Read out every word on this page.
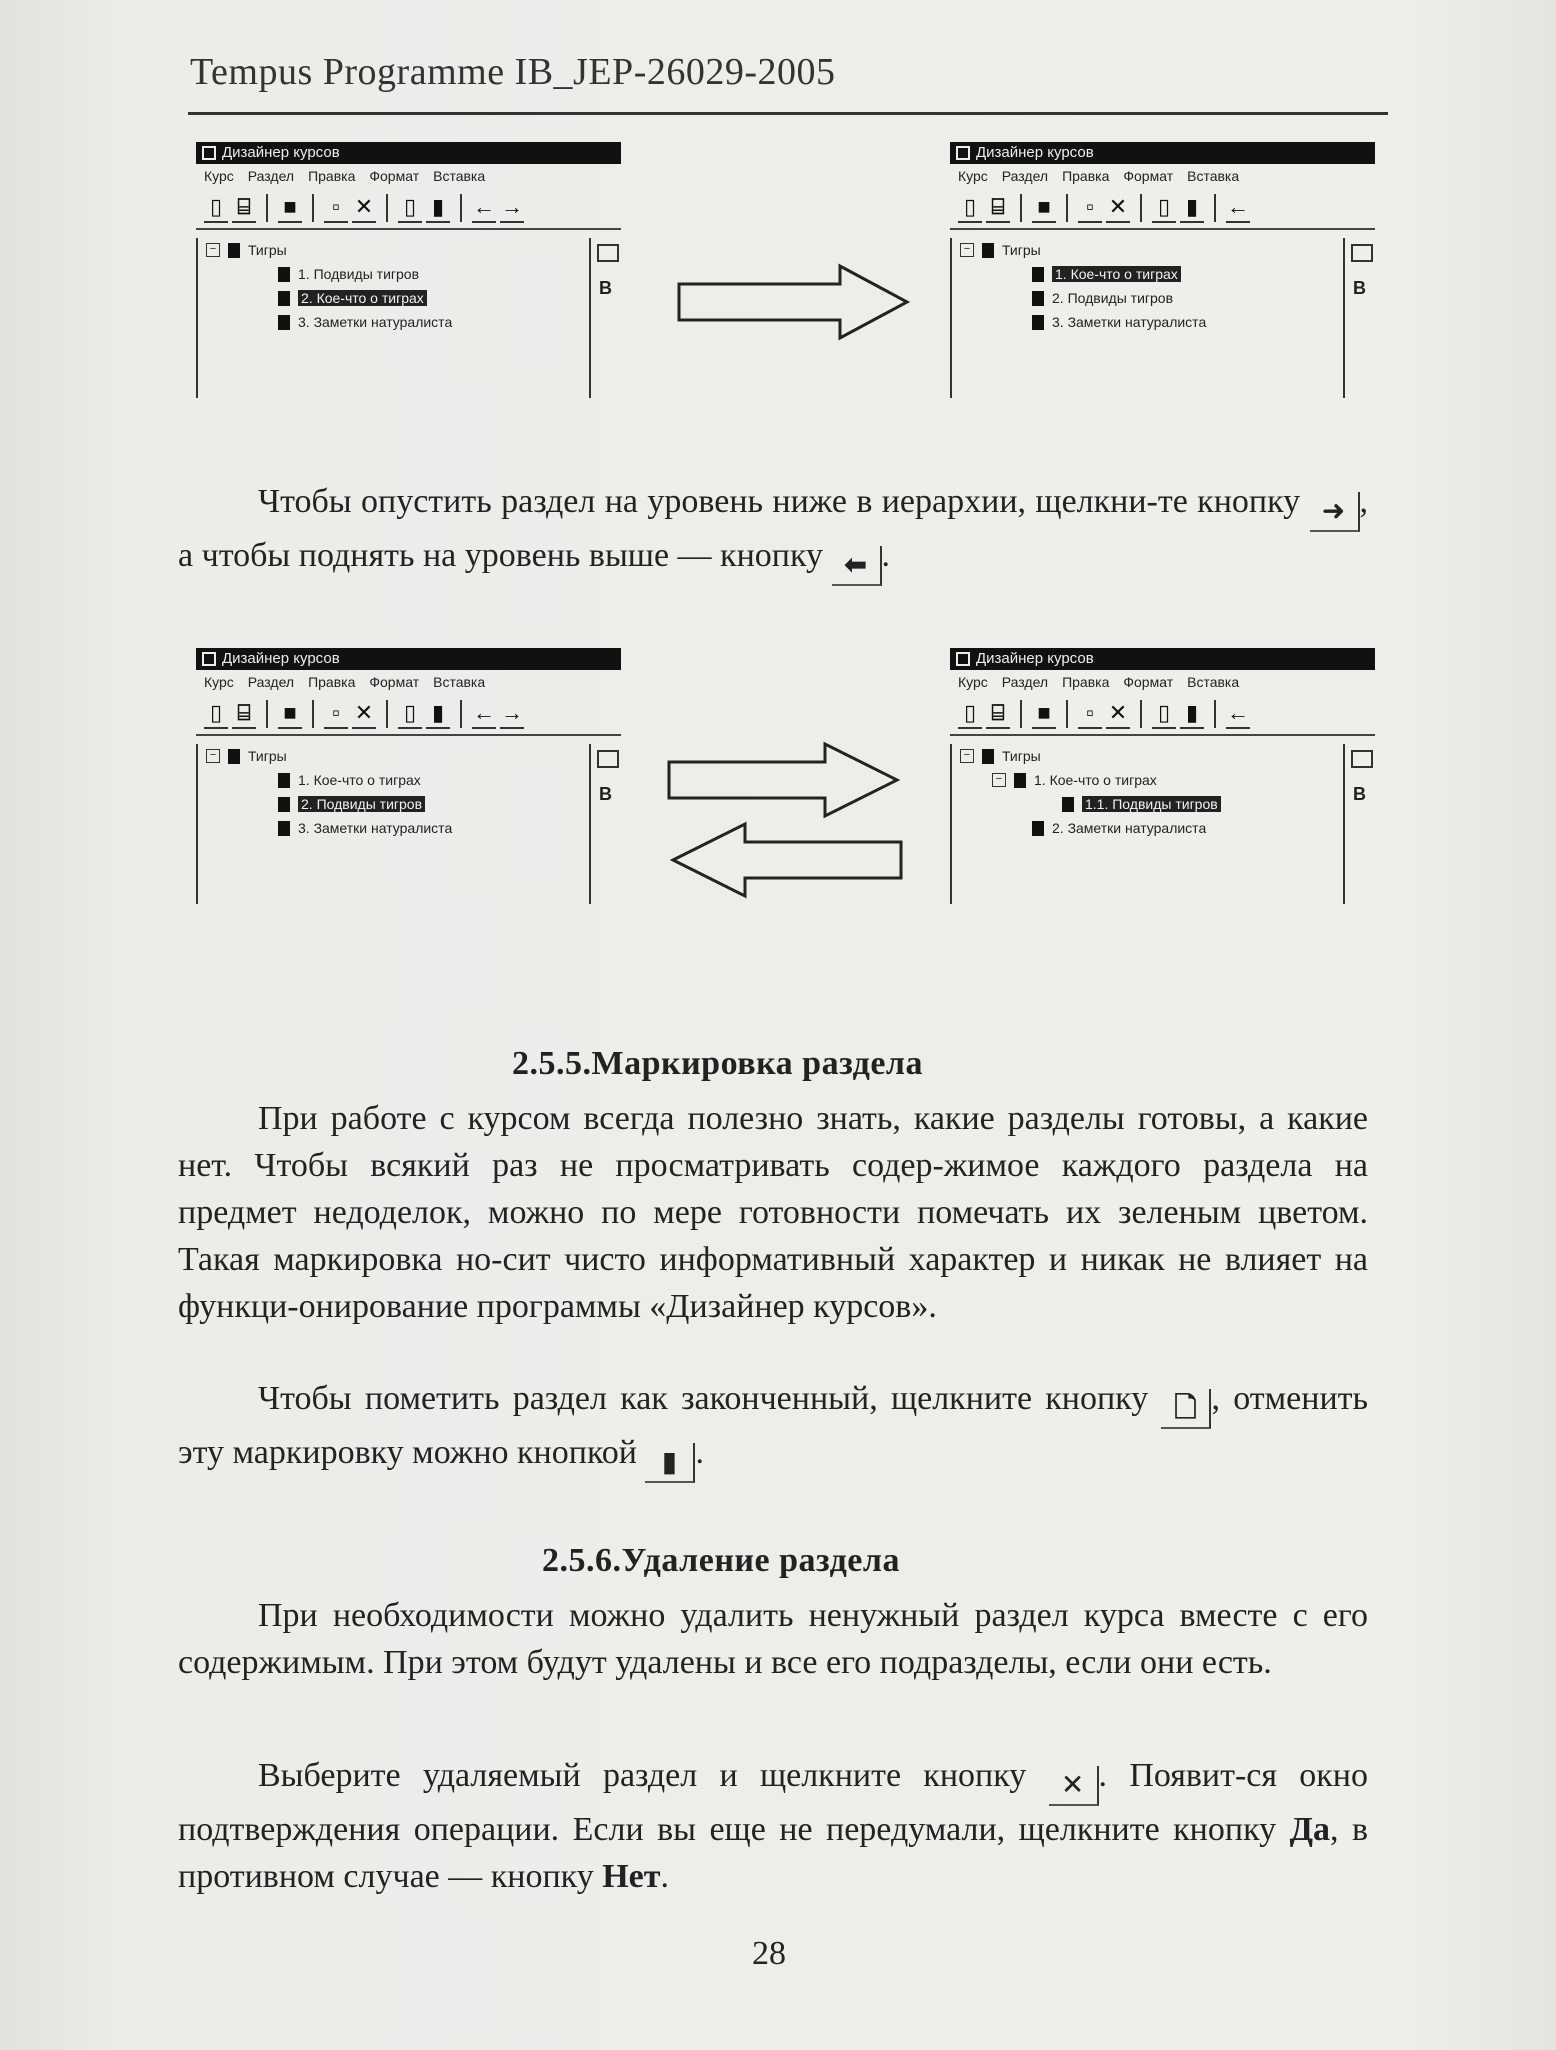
Tempus Programme IB_JEP-26029-2005
Дизайнер курсов
Курс Раздел Правка Формат Вставка
▯ ⌸ ■	▫ ✕ ▯ ▮ ← →
− Тигры
1. Подвиды тигров
2. Кое-что о тиграх
3. Заметки натуралиста
B
Дизайнер курсов
Курс Раздел Правка Формат Вставка
▯ ⌸ ■	▫ ✕ ▯ ▮ ←
− Тигры
1. Кое-что о тиграх
2. Подвиды тигров
3. Заметки натуралиста
B
Чтобы опустить раздел на уровень ниже в иерархии, щелкни-те кнопку ➜ , а чтобы поднять на уровень выше — кнопку ⬅ .
Дизайнер курсов
Курс Раздел Правка Формат Вставка
▯ ⌸ ■	▫ ✕ ▯ ▮ ← →
− Тигры
1. Кое-что о тиграх
2. Подвиды тигров
3. Заметки натуралиста
B
Дизайнер курсов
Курс Раздел Правка Формат Вставка
▯ ⌸ ■	▫ ✕ ▯ ▮ ←
− Тигры
− 1. Кое-что о тиграх
1.1. Подвиды тигров
2. Заметки натуралиста
B
2.5.5.Маркировка раздела
При работе с курсом всегда полезно знать, какие разделы готовы, а какие нет. Чтобы всякий раз не просматривать содер-жимое каждого раздела на предмет недоделок, можно по мере готовности помечать их зеленым цветом. Такая маркировка но-сит чисто информативный характер и никак не влияет на функци-онирование программы «Дизайнер курсов».
Чтобы пометить раздел как законченный, щелкните кнопку 🗋 , отменить эту маркировку можно кнопкой ▮ .
2.5.6.Удаление раздела
При необходимости можно удалить ненужный раздел курса вместе с его содержимым. При этом будут удалены и все его подразделы, если они есть.
Выберите удаляемый раздел и щелкните кнопку ✕ . Появит-ся окно подтверждения операции. Если вы еще не передумали, щелкните кнопку Да, в противном случае — кнопку Нет.
28
